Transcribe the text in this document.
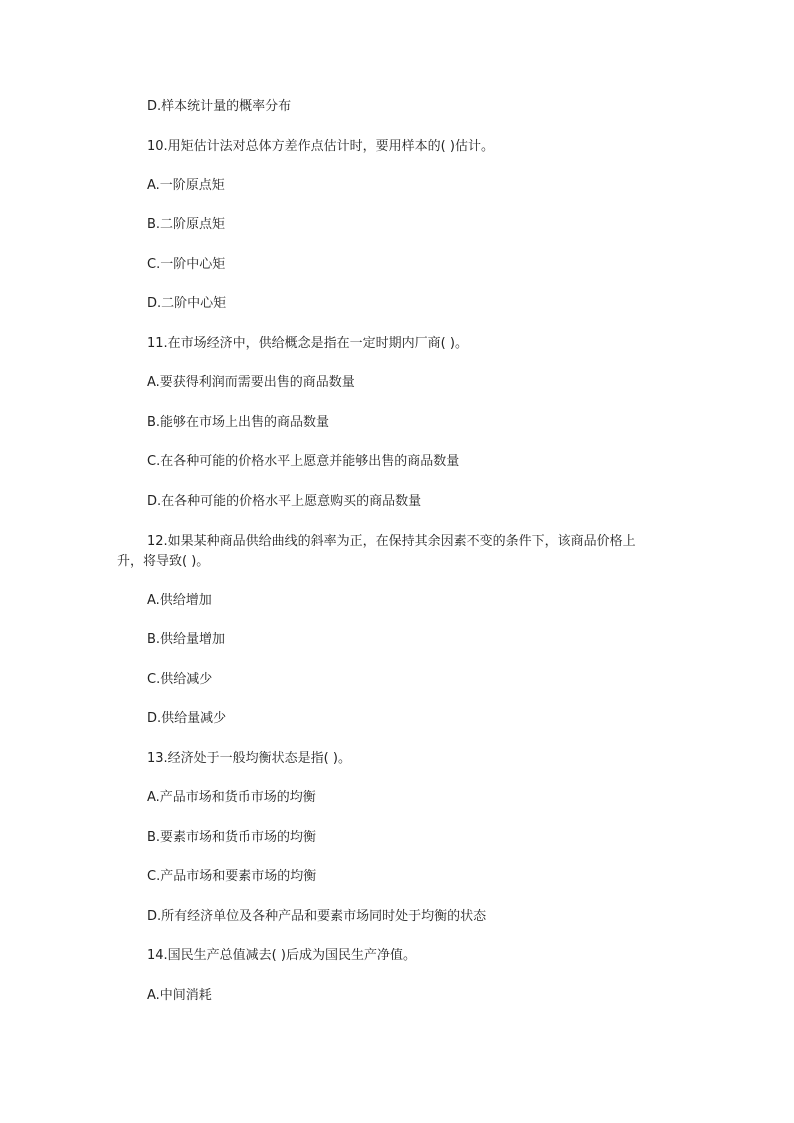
D.样本统计量的概率分布

10.用矩估计法对总体方差作点估计时，要用样本的( )估计。

A.一阶原点矩

B.二阶原点矩

C.一阶中心矩

D.二阶中心矩

11.在市场经济中，供给概念是指在一定时期内厂商( )。

A.要获得利润而需要出售的商品数量

B.能够在市场上出售的商品数量

C.在各种可能的价格水平上愿意并能够出售的商品数量

D.在各种可能的价格水平上愿意购买的商品数量

12.如果某种商品供给曲线的斜率为正，在保持其余因素不变的条件下，该商品价格上

升，将导致( )。

A.供给增加

B.供给量增加

C.供给减少

D.供给量减少

13.经济处于一般均衡状态是指( )。

A.产品市场和货币市场的均衡

B.要素市场和货币市场的均衡

C.产品市场和要素市场的均衡

D.所有经济单位及各种产品和要素市场同时处于均衡的状态

14.国民生产总值减去( )后成为国民生产净值。

A.中间消耗
